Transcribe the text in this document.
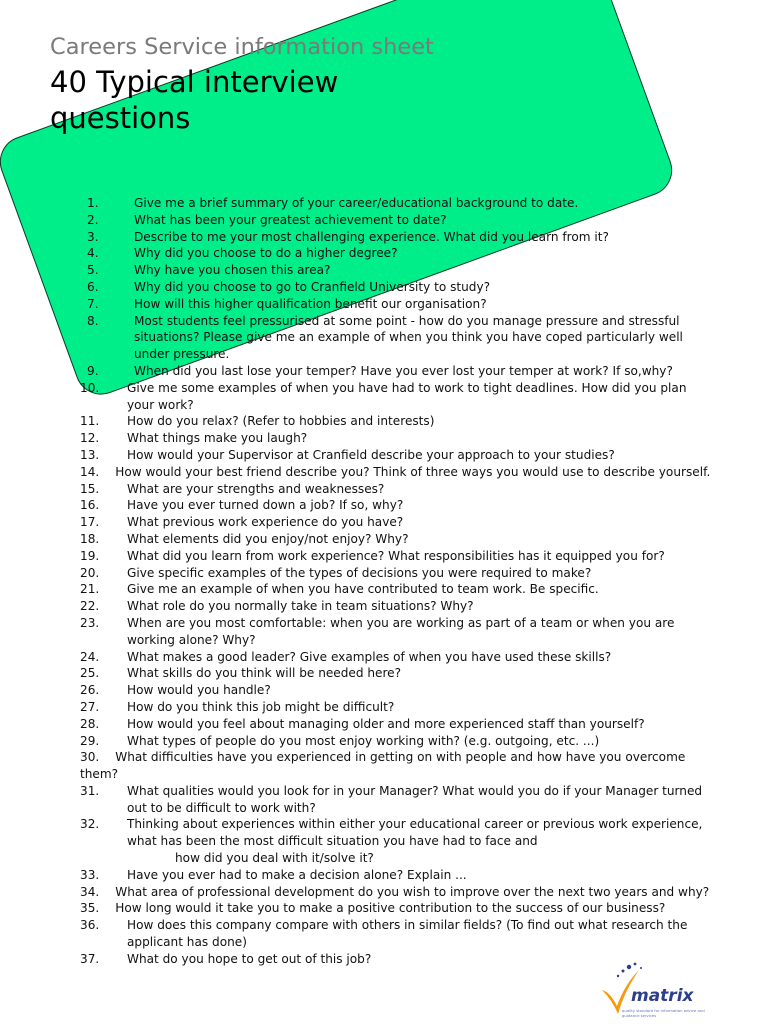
Careers Service information sheet
40 Typical interview questions
1.	Give me a brief summary of your career/educational background to date.
2.	What has been your greatest achievement to date?
3.	Describe to me your most challenging experience. What did you learn from it?
4.	Why did you choose to do a higher degree?
5.	Why have you chosen this area?
6.	Why did you choose to go to Cranfield University to study?
7.	How will this higher qualification benefit our organisation?
8.	Most students feel pressurised at some point - how do you manage pressure and stressful situations? Please give me an example of when you think you have coped particularly well under pressure.
9.	When did you last lose your temper? Have you ever lost your temper at work? If so,why?
10.	Give me some examples of when you have had to work to tight deadlines. How did you plan your work?
11.	How do you relax? (Refer to hobbies and interests)
12.	What things make you laugh?
13.	How would your Supervisor at Cranfield describe your approach to your studies?
14. How would your best friend describe you? Think of three ways you would use to describe yourself.
15.	What are your strengths and weaknesses?
16.	Have you ever turned down a job? If so, why?
17.	What previous work experience do you have?
18.	What elements did you enjoy/not enjoy? Why?
19.	What did you learn from work experience? What responsibilities has it equipped you for?
20.	Give specific examples of the types of decisions you were required to make?
21.	Give me an example of when you have contributed to team work. Be specific.
22.	What role do you normally take in team situations? Why?
23.	When are you most comfortable: when you are working as part of a team or when you are working alone? Why?
24.	What makes a good leader? Give examples of when you have used these skills?
25.	What skills do you think will be needed here?
26.	How would you handle?
27.	How do you think this job might be difficult?
28.	How would you feel about managing older and more experienced staff than yourself?
29.	What types of people do you most enjoy working with? (e.g. outgoing, etc. ...)
30. What difficulties have you experienced in getting on with people and how have you overcome them?
31.	What qualities would you look for in your Manager? What would you do if your Manager turned out to be difficult to work with?
32.	Thinking about experiences within either your educational career or previous work experience, what has been the most difficult situation you have had to face and
how did you deal with it/solve it?
33.	Have you ever had to make a decision alone? Explain ...
34. What area of professional development do you wish to improve over the next two years and why?
35. How long would it take you to make a positive contribution to the success of our business?
36.	How does this company compare with others in similar fields? (To find out what research the applicant has done)
37.	What do you hope to get out of this job?
matrix
quality standard for information advice and guidance services
